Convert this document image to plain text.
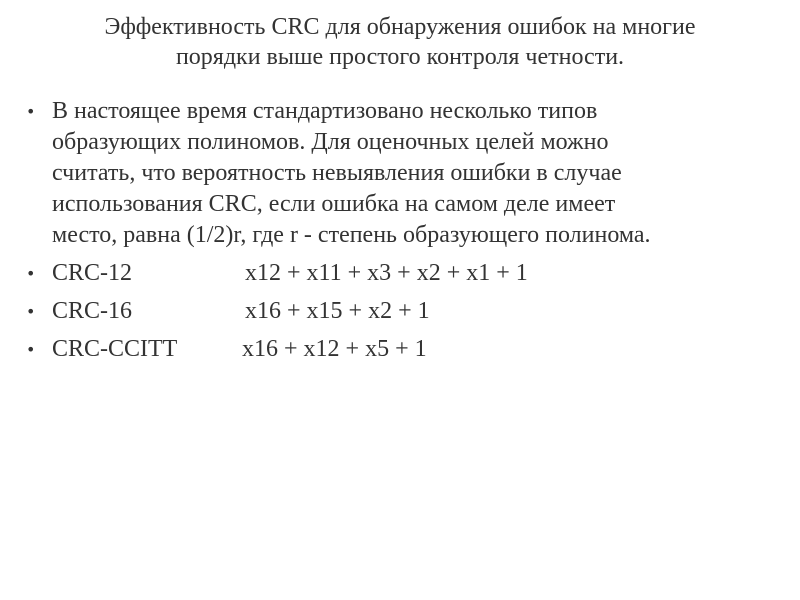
Эффективность CRC для обнаружения ошибок на многие
порядки выше простого контроля четности.
• В настоящее время стандартизовано несколько типов
образующих полиномов. Для оценочных целей можно
считать, что вероятность невыявления ошибки в случае
использования CRC, если ошибка на самом деле имеет
место, равна (1/2)r, где r - степень образующего полинома.
• CRC-12	x12 + x11 + x3 + x2 + x1 + 1
• CRC-16	x16 + x15 + x2 + 1
• CRC-CCITT	x16 + x12 + x5 + 1
